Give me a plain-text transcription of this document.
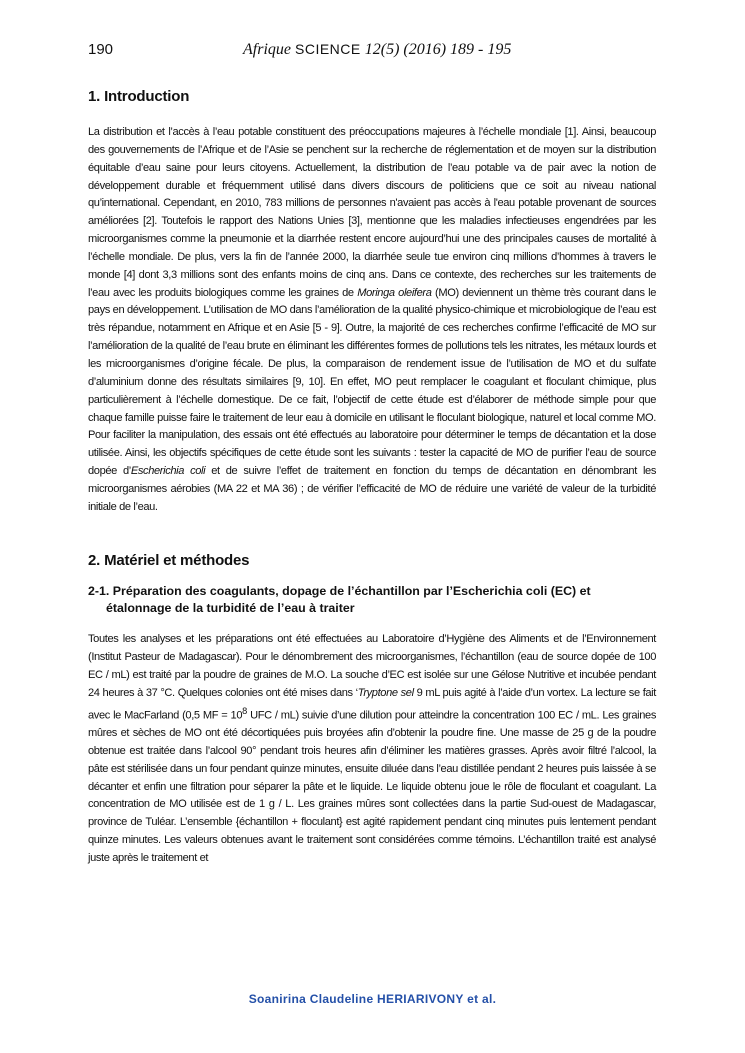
190	Afrique SCIENCE 12(5) (2016) 189 - 195
1. Introduction

La distribution et l’accès à l’eau potable constituent des préoccupations majeures à l’échelle mondiale [1]. Ainsi, beaucoup des gouvernements de l’Afrique et de l’Asie se penchent sur la recherche de réglementation et de moyen sur la distribution équitable d’eau saine pour leurs citoyens. Actuellement, la distribution de l’eau potable va de pair avec la notion de développement durable et fréquemment utilisé dans divers discours de politiciens que ce soit au niveau national qu’international. Cependant, en 2010, 783 millions de personnes n'avaient pas accès à l'eau potable provenant de sources améliorées [2]. Toutefois le rapport des Nations Unies [3], mentionne que les maladies infectieuses engendrées par les microorganismes comme la pneumonie et la diarrhée restent encore aujourd’hui une des principales causes de mortalité à l’échelle mondiale. De plus, vers la fin de l’année 2000, la diarrhée seule tue environ cinq millions d’hommes à travers le monde [4] dont 3,3 millions sont des enfants moins de cinq ans. Dans ce contexte, des recherches sur les traitements de l’eau avec les produits biologiques comme les graines de Moringa oleifera (MO) deviennent un thème très courant dans le pays en développement. L’utilisation de MO dans l’amélioration de la qualité physico-chimique et microbiologique de l’eau est très répandue, notamment en Afrique et en Asie [5 - 9]. Outre, la majorité de ces recherches confirme l’efficacité de MO sur l’amélioration de la qualité de l’eau brute en éliminant les différentes formes de pollutions tels les nitrates, les métaux lourds et les microorganismes d’origine fécale. De plus, la comparaison de rendement issue de l’utilisation de MO et du sulfate d’aluminium donne des résultats similaires [9, 10]. En effet, MO peut remplacer le coagulant et floculant chimique, plus particulièrement à l’échelle domestique. De ce fait, l’objectif de cette étude est d’élaborer de méthode simple pour que chaque famille puisse faire le traitement de leur eau à domicile en utilisant le floculant biologique, naturel et local comme MO. Pour faciliter la manipulation, des essais ont été effectués au laboratoire pour déterminer le temps de décantation et la dose utilisée. Ainsi, les objectifs spécifiques de cette étude sont les suivants : tester la capacité de MO de purifier l’eau de source dopée d’Escherichia coli et de suivre l’effet de traitement en fonction du temps de décantation en dénombrant les microorganismes aérobies (MA 22 et MA 36) ; de vérifier l’efficacité de MO de réduire une variété de valeur de la turbidité initiale de l’eau.

2. Matériel et méthodes
2-1. Préparation des coagulants, dopage de l’échantillon par l’Escherichia coli (EC) et étalonnage de la turbidité de l’eau à traiter

Toutes les analyses et les préparations ont été effectuées au Laboratoire d’Hygiène des Aliments et de l’Environnement (Institut Pasteur de Madagascar). Pour le dénombrement des microorganismes, l’échantillon (eau de source dopée de 100 EC / mL) est traité par la poudre de graines de M.O. La souche d’EC est isolée sur une Gélose Nutritive et incubée pendant 24 heures à 37 °C. Quelques colonies ont été mises dans ‘Tryptone sel 9 mL puis agité à l’aide d’un vortex. La lecture se fait avec le MacFarland (0,5 MF = $10^8$ UFC / mL) suivie d’une dilution pour atteindre la concentration 100 EC / mL. Les graines mûres et sèches de MO ont été décortiquées puis broyées afin d’obtenir la poudre fine. Une masse de 25 g de la poudre obtenue est traitée dans l’alcool 90° pendant trois heures afin d’éliminer les matières grasses. Après avoir filtré l’alcool, la pâte est stérilisée dans un four pendant quinze minutes, ensuite diluée dans l’eau distillée pendant 2 heures puis laissée à se décanter et enfin une filtration pour séparer la pâte et le liquide. Le liquide obtenu joue le rôle de floculant et coagulant. La concentration de MO utilisée est de 1 g / L. Les graines mûres sont collectées dans la partie Sud-ouest de Madagascar, province de Tuléar. L’ensemble {échantillon + floculant} est agité rapidement pendant cinq minutes puis lentement pendant quinze minutes. Les valeurs obtenues avant le traitement sont considérées comme témoins. L’échantillon traité est analysé juste après le traitement et

Soanirina Claudeline HERIARIVONY et al.
